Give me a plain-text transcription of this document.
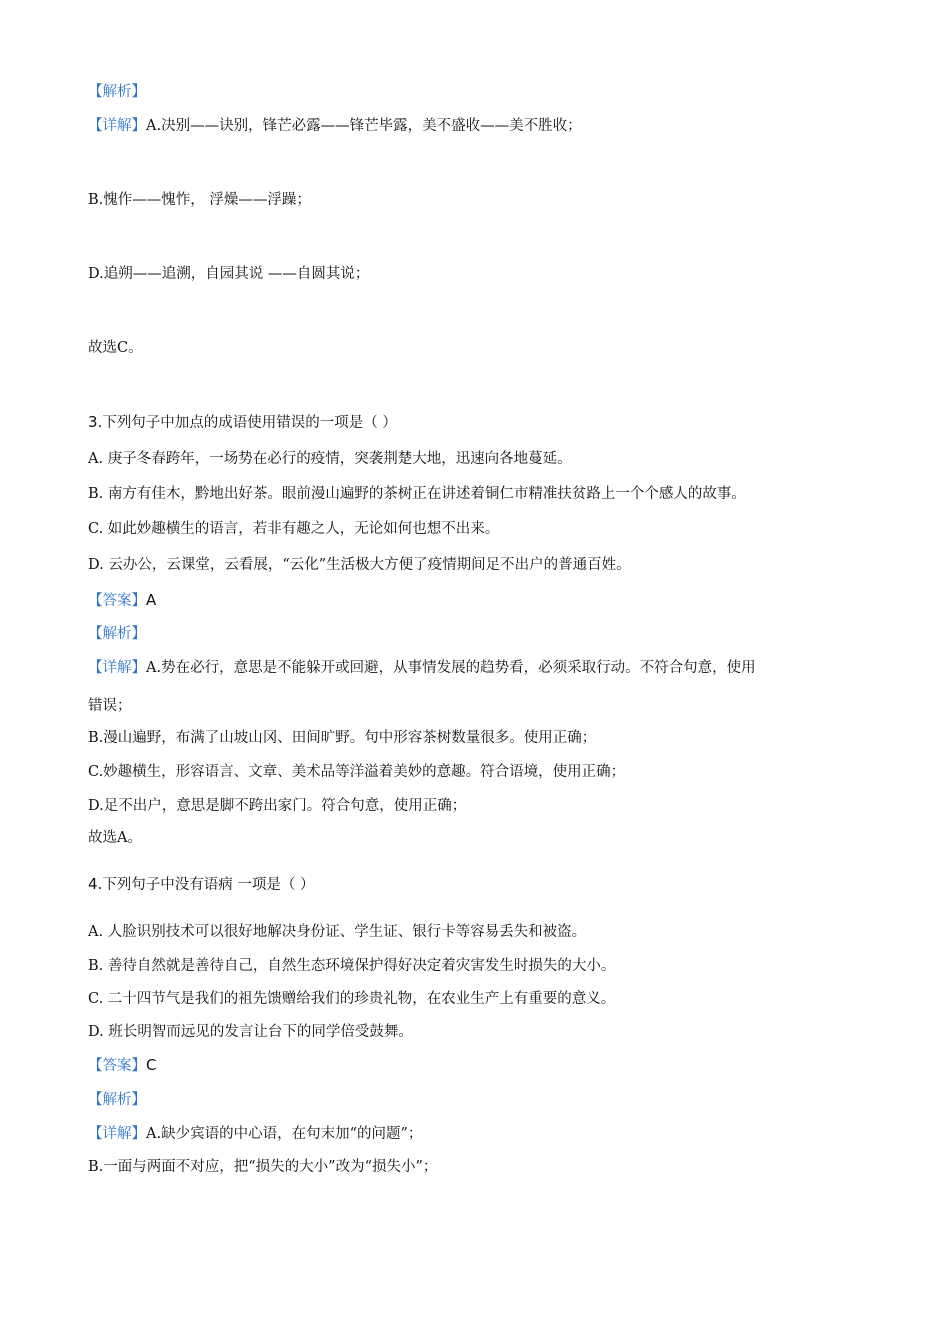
【解析】
【详解】A.决别——诀别，锋芒必露——锋芒毕露，美不盛收——美不胜收；
B.愧作——愧怍， 浮燥——浮躁；
D.追朔——追溯，自园其说 ——自圆其说；
故选C。
3.下列句子中加点的成语使用错误的一项是（ ）
A. 庚子冬春跨年，一场势在必行的疫情，突袭荆楚大地，迅速向各地蔓延。
B. 南方有佳木，黔地出好茶。眼前漫山遍野的茶树正在讲述着铜仁市精准扶贫路上一个个感人的故事。
C. 如此妙趣横生的语言，若非有趣之人，无论如何也想不出来。
D. 云办公，云课堂，云看展，“云化”生活极大方便了疫情期间足不出户的普通百姓。
【答案】A
【解析】
【详解】A.势在必行，意思是不能躲开或回避，从事情发展的趋势看，必须采取行动。不符合句意，使用
错误；
B.漫山遍野，布满了山坡山冈、田间旷野。句中形容茶树数量很多。使用正确；
C.妙趣横生，形容语言、文章、美术品等洋溢着美妙的意趣。符合语境，使用正确；
D.足不出户，意思是脚不跨出家门。符合句意，使用正确；
故选A。
4.下列句子中没有语病 一项是（ ）
A. 人脸识别技术可以很好地解决身份证、学生证、银行卡等容易丢失和被盗。
B. 善待自然就是善待自己，自然生态环境保护得好决定着灾害发生时损失的大小。
C. 二十四节气是我们的祖先馈赠给我们的珍贵礼物，在农业生产上有重要的意义。
D. 班长明智而远见的发言让台下的同学倍受鼓舞。
【答案】C
【解析】
【详解】A.缺少宾语的中心语，在句末加“的问题”；
B.一面与两面不对应，把“损失的大小”改为“损失小”；
